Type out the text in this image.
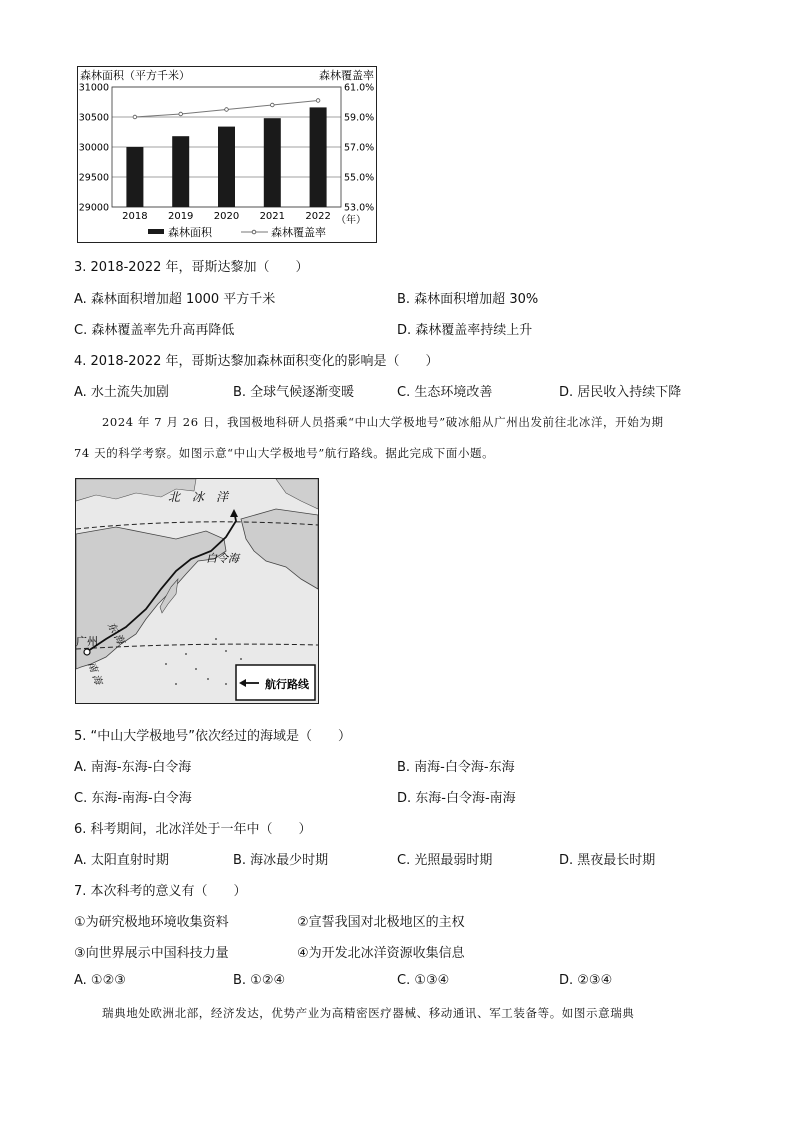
31000
30500
30000
29500
29000
61.0%
59.0%
57.0%
55.0%
53.0%
2018 2019 2020 2021 2022
森林面积（平方千米）	森林覆盖率
（年）
森林面积	森林覆盖率
3. 2018-2022 年，哥斯达黎加（　　）
A. 森林面积增加超 1000 平方千米	B. 森林面积增加超 30%
C. 森林覆盖率先升高再降低	D. 森林覆盖率持续上升
4. 2018-2022 年，哥斯达黎加森林面积变化的影响是（　　）
A. 水土流失加剧	B. 全球气候逐渐变暖	C. 生态环境改善	D. 居民收入持续下降
2024 年 7 月 26 日，我国极地科研人员搭乘“中山大学极地号”破冰船从广州出发前往北冰洋，开始为期
74 天的科学考察。如图示意“中山大学极地号”航行路线。据此完成下面小题。
北　冰　洋
白令海
广州 东 海
南 海	航行路线
5. “中山大学极地号”依次经过的海域是（　　）
A. 南海-东海-白令海	B. 南海-白令海-东海
C. 东海-南海-白令海	D. 东海-白令海-南海
6. 科考期间，北冰洋处于一年中（　　）
A. 太阳直射时期	B. 海冰最少时期	C. 光照最弱时期	D. 黑夜最长时期
7. 本次科考的意义有（　　）
①为研究极地环境收集资料	②宣誓我国对北极地区的主权
③向世界展示中国科技力量	④为开发北冰洋资源收集信息
A. ①②③	B. ①②④	C. ①③④	D. ②③④
瑞典地处欧洲北部，经济发达，优势产业为高精密医疗器械、移动通讯、军工装备等。如图示意瑞典
